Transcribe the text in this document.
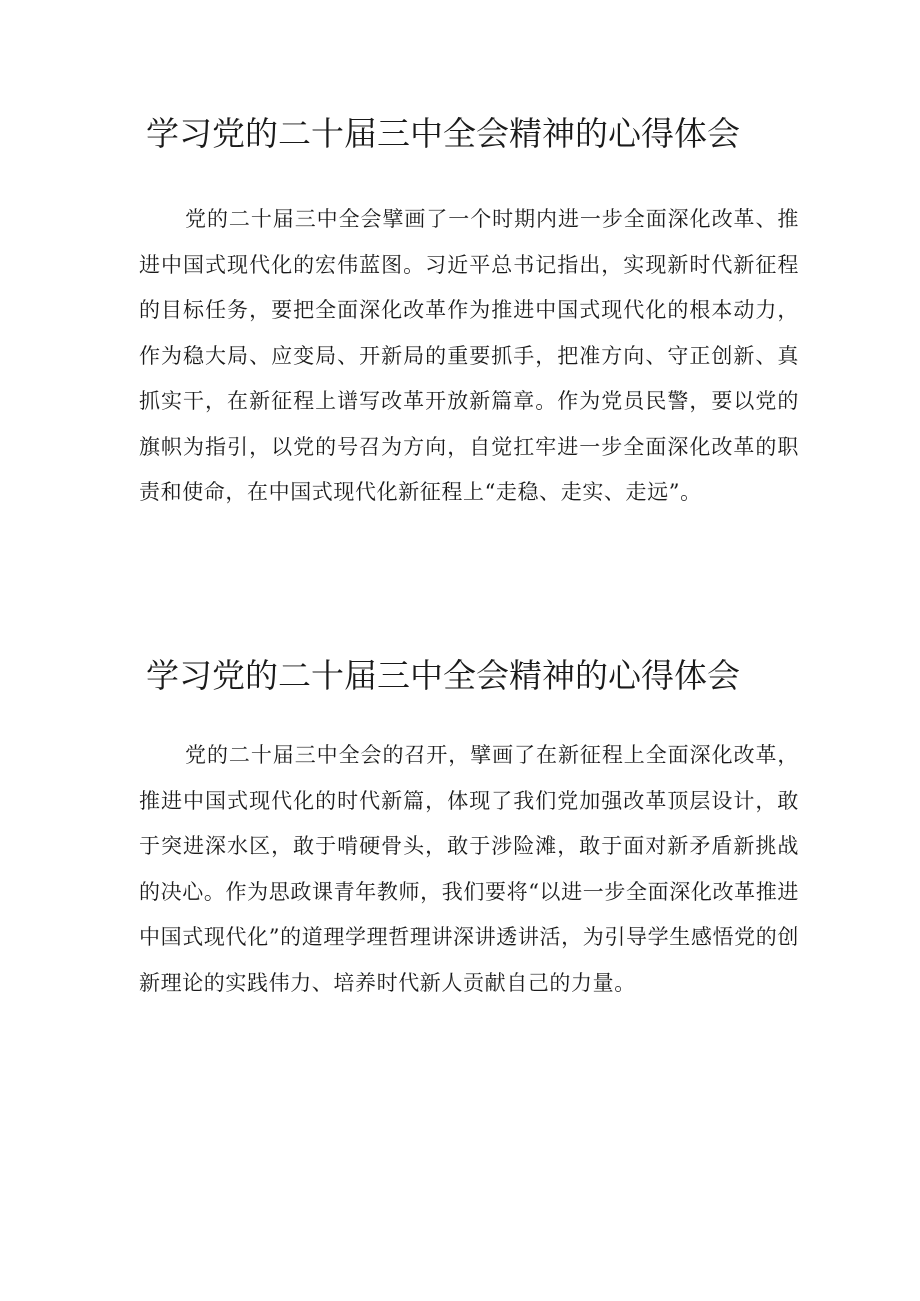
学习党的二十届三中全会精神的心得体会

党的二十届三中全会擘画了一个时期内进一步全面深化改革、推进中国式现代化的宏伟蓝图。习近平总书记指出，实现新时代新征程的目标任务，要把全面深化改革作为推进中国式现代化的根本动力，作为稳大局、应变局、开新局的重要抓手，把准方向、守正创新、真抓实干，在新征程上谱写改革开放新篇章。作为党员民警，要以党的旗帜为指引，以党的号召为方向，自觉扛牢进一步全面深化改革的职责和使命，在中国式现代化新征程上“走稳、走实、走远”。

学习党的二十届三中全会精神的心得体会

党的二十届三中全会的召开，擘画了在新征程上全面深化改革，推进中国式现代化的时代新篇，体现了我们党加强改革顶层设计，敢于突进深水区，敢于啃硬骨头，敢于涉险滩，敢于面对新矛盾新挑战的决心。作为思政课青年教师，我们要将“以进一步全面深化改革推进中国式现代化”的道理学理哲理讲深讲透讲活，为引导学生感悟党的创新理论的实践伟力、培养时代新人贡献自己的力量。
